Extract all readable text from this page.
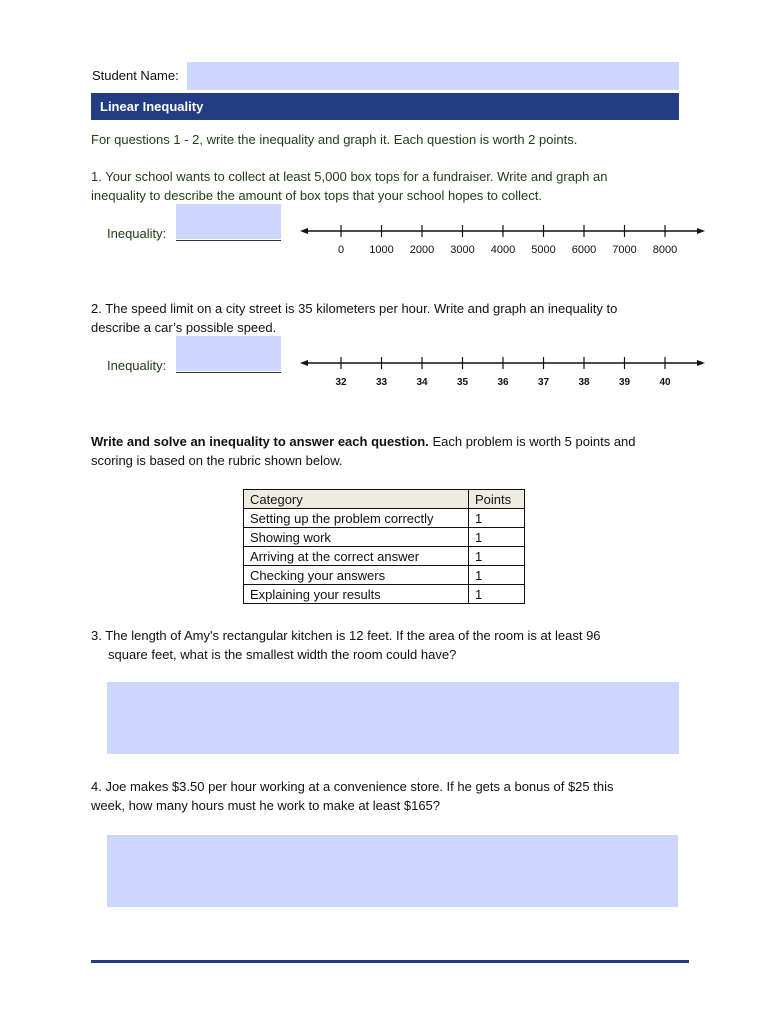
Student Name:
Linear Inequality
For questions 1 - 2, write the inequality and graph it. Each question is worth 2 points.
1. Your school wants to collect at least 5,000 box tops for a fundraiser. Write and graph an
inequality to describe the amount of box tops that your school hopes to collect.
Inequality:
0 1000 2000 3000 4000 5000 6000 7000 8000
2. The speed limit on a city street is 35 kilometers per hour. Write and graph an inequality to
describe a car’s possible speed.
Inequality:
32	33	34	35	36	37	38	39	40
Write and solve an inequality to answer each question. Each problem is worth 5 points and
scoring is based on the rubric shown below.
Category	Points
Setting up the problem correctly	1
Showing work	1
Arriving at the correct answer	1
Checking your answers	1
Explaining your results	1
3. The length of Amy's rectangular kitchen is 12 feet. If the area of the room is at least 96
square feet, what is the smallest width the room could have?
4. Joe makes $3.50 per hour working at a convenience store. If he gets a bonus of $25 this
week, how many hours must he work to make at least $165?
